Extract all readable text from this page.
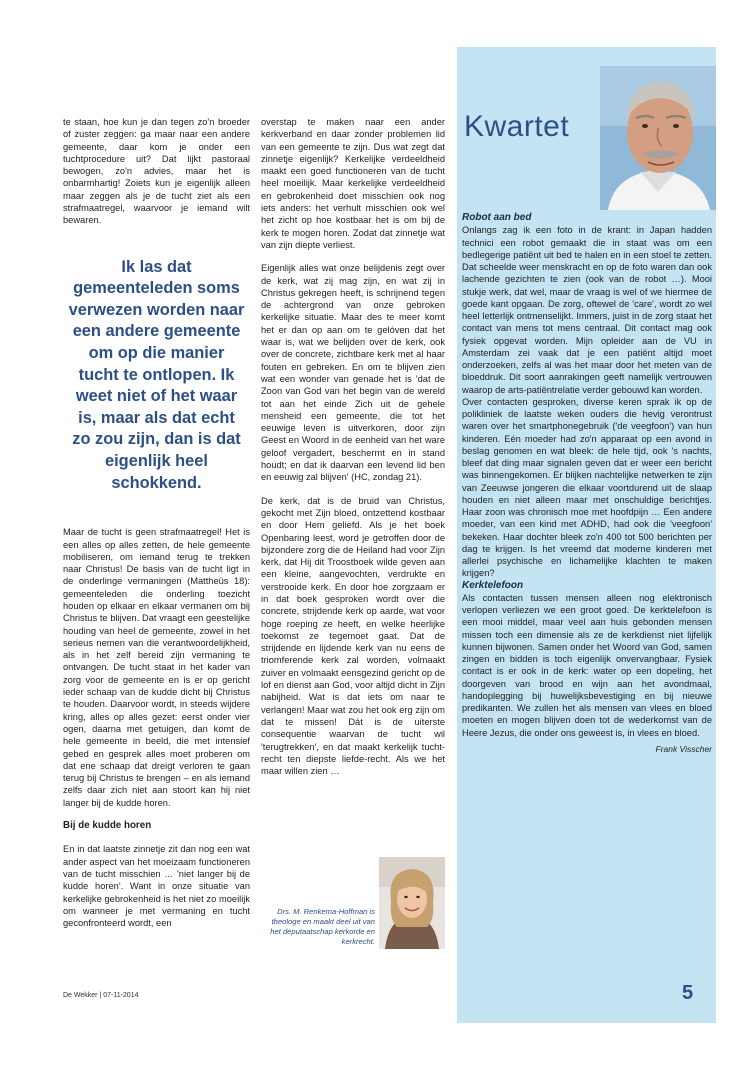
te staan, hoe kun je dan tegen zo'n broeder of zuster zeggen: ga maar naar een andere gemeente, daar kom je onder een tuchtprocedure uit? Dat lijkt pastoraal bewogen, zo'n advies, maar het is onbarmhartig! Zoiets kun je eigenlijk alleen maar zeggen als je de tucht ziet als een strafmaatregel, waarvoor je iemand wilt bewaren.

Ik las dat gemeenteleden soms verwezen worden naar een andere gemeente om op die manier tucht te ontlopen. Ik weet niet of het waar is, maar als dat echt zo zou zijn, dan is dat eigenlijk heel schokkend.

Maar de tucht is geen strafmaatregel! Het is een alles op alles zetten, de hele gemeente mobiliseren, om iemand terug te trekken naar Christus! De basis van de tucht ligt in de onderlinge vermaningen (Mattheüs 18): gemeenteleden die onderling toezicht houden op elkaar en elkaar vermanen om bij Christus te blijven. Dat vraagt een geestelijke houding van heel de gemeente, zowel in het serieus nemen van die verantwoordelijkheid, als in het zelf bereid zijn vermaning te ontvangen. De tucht staat in het kader van zorg voor de gemeente en is er op gericht ieder schaap van de kudde dicht bij Christus te houden. Daarvoor wordt, in steeds wijdere kring, alles op alles gezet: eerst onder vier ogen, daarna met getuigen, dan komt de hele gemeente in beeld, die met intensief gebed en gesprek alles moet proberen om dat ene schaap dat dreigt verloren te gaan terug bij Christus te brengen – en als iemand zelfs daar zich niet aan stoort kan hij niet langer bij de kudde horen.

Bij de kudde horen

En in dat laatste zinnetje zit dan nog een wat ander aspect van het moeizaam functioneren van de tucht misschien … 'niet langer bij de kudde horen'. Want in onze situatie van kerkelijke gebrokenheid is het niet zo moeilijk om wanneer je met vermaning en tucht geconfronteerd wordt, een

overstap te maken naar een ander kerkverband en daar zonder problemen lid van een gemeente te zijn. Dus wat zegt dat zinnetje eigenlijk? Kerkelijke verdeeldheid maakt een goed functioneren van de tucht heel moeilijk. Maar kerkelijke verdeeldheid en gebrokenheid doet misschien ook nog iets anders: het verhult misschien ook wel het zicht op hoe kostbaar het is om bij de kerk te mogen horen. Zodat dat zinnetje wat van zijn diepte verliest.

Eigenlijk alles wat onze belijdenis zegt over de kerk, wat zij mag zijn, en wat zij in Christus gekregen heeft, is schrijnend tegen de achtergrond van onze gebroken kerkelijke situatie. Maar des te meer komt het er dan op aan om te gelóven dat het waar is, wat we belijden over de kerk, ook over de concrete, zichtbare kerk met al haar fouten en gebreken. En om te blijven zien wat een wonder van genade het is 'dat de Zoon van God van het begin van de wereld tot aan het einde Zich uit de gehele mensheid een gemeente, die tot het eeuwige leven is uitverkoren, door zijn Geest en Woord in de eenheid van het ware geloof vergadert, beschermt en in stand houdt; en dat ik daarvan een levend lid ben en eeuwig zal blijven' (HC, zondag 21).

De kerk, dat is de bruid van Christus, gekocht met Zijn bloed, ontzettend kostbaar en door Hem geliefd. Als je het boek Openbaring leest, word je getroffen door de bijzondere zorg die de Heiland had voor Zijn kerk, dat Hij dit Troostboek wilde geven aan een kleine, aangevochten, verdrukte en verstrooide kerk. En door hoe zorgzaam er in dat boek gesproken wordt over die concrete, strijdende kerk op aarde, wat voor hoge roeping ze heeft, en welke heerlijke toekomst ze tegemoet gaat. Dat de strijdende en lijdende kerk van nu eens de triomferende kerk zal worden, volmaakt zuiver en volmaakt eensgezind gericht op de lof en dienst aan God, voor altijd dicht in Zijn nabijheid. Wat is dat iets om naar te verlangen! Maar wat zou het ook erg zijn om dat te missen! Dát is de uiterste consequentie waarvan de tucht wil 'terugtrekken', en dat maakt kerkelijk tucht-recht ten diepste liefde-recht. Als we het maar willen zien …

Drs. M. Renkema-Hoffman is theologe en maakt deel uit van het deputaatschap kerkorde en kerkrecht.
Kwartet

Robot aan bed

Onlangs zag ik een foto in de krant: in Japan hadden technici een robot gemaakt die in staat was om een bedlegerige patiënt uit bed te halen en in een stoel te zetten. Dat scheelde weer menskracht en op de foto waren dan ook lachende gezichten te zien (ook van de robot …). Mooi stukje werk, dat wel, maar de vraag is wel of we hiermee de goede kant opgaan. De zorg, oftewel de 'care', wordt zo wel heel letterlijk ontmenselijkt. Immers, juist in de zorg staat het contact van mens tot mens centraal. Dit contact mag ook fysiek opgevat worden. Mijn opleider aan de VU in Amsterdam zei vaak dat je een patiënt altijd moet onderzoeken, zelfs al was het maar door het meten van de bloeddruk. Dit soort aanrakingen geeft namelijk vertrouwen waarop de arts-patiëntrelatie verder gebouwd kan worden.

Over contacten gesproken, diverse keren sprak ik op de polikliniek de laatste weken ouders die hevig verontrust waren over het smartphonegebruik ('de veegfoon') van hun kinderen. Eén moeder had zo'n apparaat op een avond in beslag genomen en wat bleek: de hele tijd, ook 's nachts, bleef dat ding maar signalen geven dat er weer een bericht was binnengekomen. Er blijken nachtelijke netwerken te zijn van Zeeuwse jongeren die elkaar voortdurend uit de slaap houden en niet alleen maar met onschuldige berichtjes. Haar zoon was chronisch moe met hoofdpijn … Een andere moeder, van een kind met ADHD, had ook die 'veegfoon' bekeken. Haar dochter bleek zo'n 400 tot 500 berichten per dag te krijgen. Is het vreemd dat moderne kinderen met allerlei psychische en lichamelijke klachten te maken krijgen?

Kerktelefoon

Als contacten tussen mensen alleen nog elektronisch verlopen verliezen we een groot goed. De kerktelefoon is een mooi middel, maar veel aan huis gebonden mensen missen toch een dimensie als ze de kerkdienst niet lijfelijk kunnen bijwonen. Samen onder het Woord van God, samen zingen en bidden is toch eigenlijk onvervangbaar. Fysiek contact is er ook in de kerk: water op een dopeling, het doorgeven van brood en wijn aan het avondmaal, handoplegging bij huwelijksbevestiging en bij nieuwe predikanten. We zullen het als mensen van vlees en bloed moeten en mogen blijven doen tot de wederkomst van de Heere Jezus, die onder ons geweest is, in vlees en bloed.

Frank Visscher

De Wekker | 07-11-2014	5
